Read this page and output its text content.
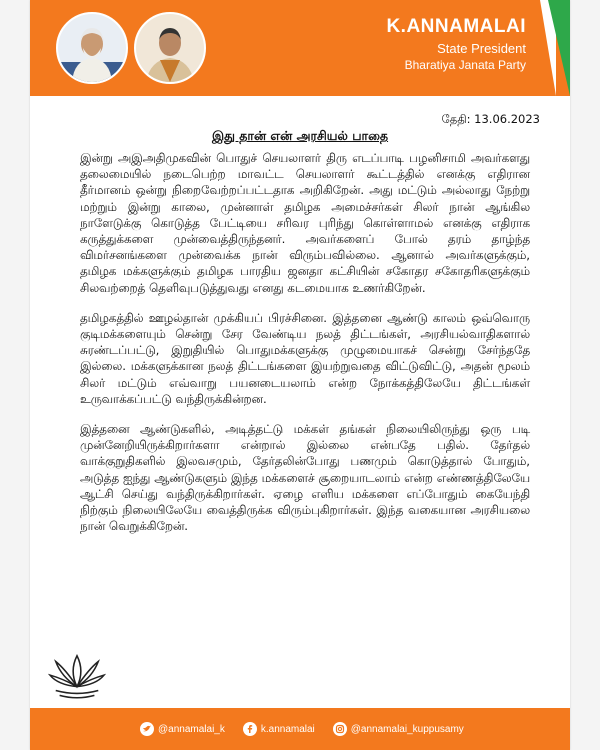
K.ANNAMALAI
State President
Bharatiya Janata Party
தேதி: 13.06.2023
இது தான் என் அரசியல் பாதை

இன்று அஇஅதிமுகவின் பொதுச் செயலாளர் திரு எடப்பாடி பழனிசாமி அவர்களது தலைமையில் நடைபெற்ற மாவட்ட செயலாளர் கூட்டத்தில் எனக்கு எதிரான தீர்மானம் ஒன்று நிறைவேற்றப்பட்டதாக அறிகிறேன். அது மட்டும் அல்லாது நேற்று மற்றும் இன்று காலை, முன்னாள் தமிழக அமைச்சர்கள் சிலர் நான் ஆங்கில நாளேடுக்கு கொடுத்த பேட்டியை சரிவர புரிந்து கொள்ளாமல் எனக்கு எதிராக கருத்துக்களை முன்வைத்திருந்தனர். அவர்களைப் போல் தரம் தாழ்ந்த விமர்சனங்களை முன்வைக்க நான் விரும்பவில்லை. ஆனால் அவர்களுக்கும், தமிழக மக்களுக்கும் தமிழக பாரதிய ஜனதா கட்சியின் சகோதர சகோதரிகளுக்கும் சிலவற்றைத் தெளிவுபடுத்துவது எனது கடமையாக உணர்கிறேன்.

தமிழகத்தில் ஊழல்தான் முக்கியப் பிரச்சினை. இத்தனை ஆண்டு காலம் ஒவ்வொரு குடிமக்களையும் சென்று சேர வேண்டிய நலத் திட்டங்கள், அரசியல்வாதிகளால் சுரண்டப்பட்டு, இறுதியில் பொதுமக்களுக்கு முழுமையாகச் சென்று சேர்ந்ததே இல்லை. மக்களுக்கான நலத் திட்டங்களை இயற்றுவதை விட்டுவிட்டு, அதன் மூலம் சிலர் மட்டும் எவ்வாறு பயனடையலாம் என்ற நோக்கத்திலேயே திட்டங்கள் உருவாக்கப்பட்டு வந்திருக்கின்றன.

இத்தனை ஆண்டுகளில், அடித்தட்டு மக்கள் தங்கள் நிலையிலிருந்து ஒரு படி முன்னேறியிருக்கிறார்களா என்றால் இல்லை என்பதே பதில். தேர்தல் வாக்குறுதிகளில் இலவசமும், தேர்தலின்போது பணமும் கொடுத்தால் போதும், அடுத்த ஐந்து ஆண்டுகளும் இந்த மக்களைச் சூறையாடலாம் என்ற எண்ணத்திலேயே ஆட்சி செய்து வந்திருக்கிறார்கள். ஏழை எளிய மக்களை எப்போதும் கையேந்தி நிற்கும் நிலையிலேயே வைத்திருக்க விரும்புகிறார்கள். இந்த வகையான அரசியலை நான் வெறுக்கிறேன்.

@annamalai_k	k.annamalai	@annamalai_kuppusamy
